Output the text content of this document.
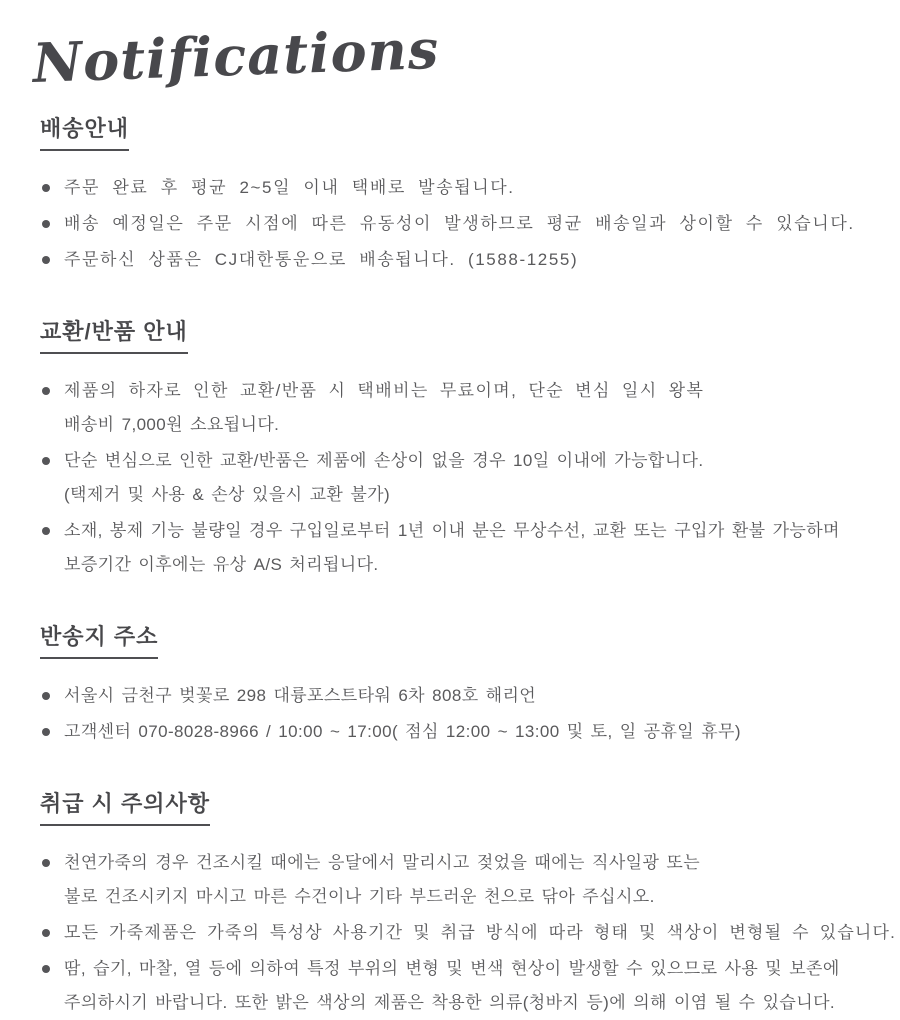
Notifications
배송안내
주문 완료 후 평균 2~5일 이내 택배로 발송됩니다.
배송 예정일은 주문 시점에 따른 유동성이 발생하므로 평균 배송일과 상이할 수 있습니다.
주문하신 상품은 CJ대한통운으로 배송됩니다. (1588-1255)
교환/반품 안내
제품의 하자로 인한 교환/반품 시 택배비는 무료이며, 단순 변심 일시 왕복
배송비 7,000원 소요됩니다.
단순 변심으로 인한 교환/반품은 제품에 손상이 없을 경우 10일 이내에 가능합니다.
(택제거 및 사용 & 손상 있을시 교환 불가)
소재, 봉제 기능 불량일 경우 구입일로부터 1년 이내 분은 무상수선, 교환 또는 구입가 환불 가능하며
보증기간 이후에는 유상 A/S 처리됩니다.
반송지 주소
서울시 금천구 벚꽃로 298 대륭포스트타워 6차 808호 해리언
고객센터 070-8028-8966 / 10:00 ~ 17:00( 점심 12:00 ~ 13:00 및 토, 일 공휴일 휴무)
취급 시 주의사항
천연가죽의 경우 건조시킬 때에는 응달에서 말리시고 젖었을 때에는 직사일광 또는
불로 건조시키지 마시고 마른 수건이나 기타 부드러운 천으로 닦아 주십시오.
모든 가죽제품은 가죽의 특성상 사용기간 및 취급 방식에 따라 형태 및 색상이 변형될 수 있습니다.
땀, 습기, 마찰, 열 등에 의하여 특정 부위의 변형 및 변색 현상이 발생할 수 있으므로 사용 및 보존에
주의하시기 바랍니다. 또한 밝은 색상의 제품은 착용한 의류(청바지 등)에 의해 이염 될 수 있습니다.
